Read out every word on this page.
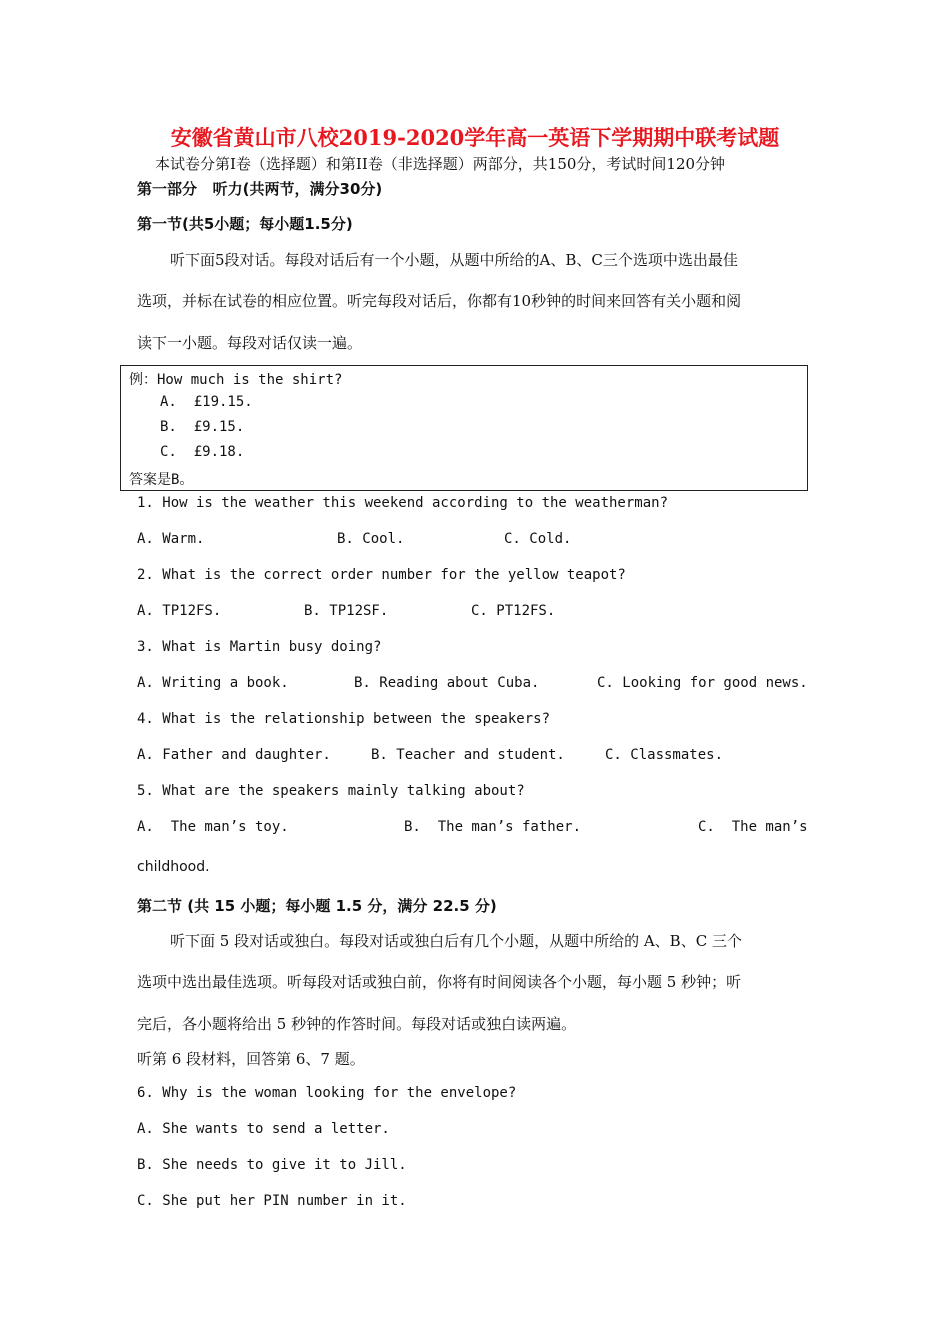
安徽省黄山市八校2019-2020学年高一英语下学期期中联考试题
本试卷分第I卷（选择题）和第II卷（非选择题）两部分，共150分，考试时间120分钟
第一部分   听力(共两节，满分30分)
第一节(共5小题；每小题1.5分)
听下面5段对话。每段对话后有一个小题，从题中所给的A、B、C三个选项中选出最佳
选项，并标在试卷的相应位置。听完每段对话后，你都有10秒钟的时间来回答有关小题和阅
读下一小题。每段对话仅读一遍。
例：How much is the shirt?
A.  £19.15.
B.  £9.15.
C.  £9.18.
答案是B。
1. How is the weather this weekend according to the weatherman?
A. Warm.	B. Cool.	C. Cold.
2. What is the correct order number for the yellow teapot?
A. TP12FS.	B. TP12SF.	C. PT12FS.
3. What is Martin busy doing?
A. Writing a book.	B. Reading about Cuba.	C. Looking for good news.
4. What is the relationship between the speakers?
A. Father and daughter.	B. Teacher and student.	C. Classmates.
5. What are the speakers mainly talking about?
A.  The man’s toy.	B.  The man’s father.	C.  The man’s
childhood.
第二节 (共 15 小题；每小题 1.5 分，满分 22.5 分)
听下面 5 段对话或独白。每段对话或独白后有几个小题，从题中所给的 A、B、C 三个
选项中选出最佳选项。听每段对话或独白前，你将有时间阅读各个小题，每小题 5 秒钟；听
完后，各小题将给出 5 秒钟的作答时间。每段对话或独白读两遍。
听第 6 段材料，回答第 6、7 题。
6. Why is the woman looking for the envelope?
A. She wants to send a letter.
B. She needs to give it to Jill.
C. She put her PIN number in it.
